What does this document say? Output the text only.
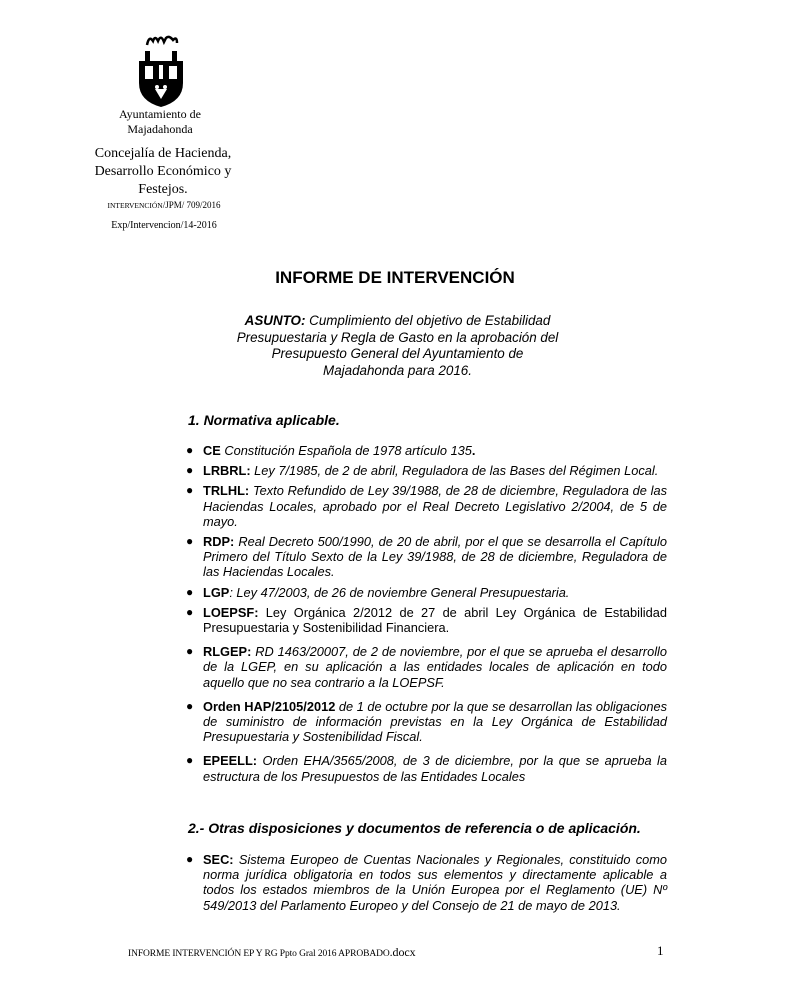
Ayuntamiento de Majadahonda
Concejalía de Hacienda, Desarrollo Económico y Festejos.
INTERVENCIÓN/JPM/ 709/2016
Exp/Intervencion/14-2016
INFORME DE INTERVENCIÓN
ASUNTO: Cumplimiento del objetivo de Estabilidad Presupuestaria y Regla de Gasto en la aprobación del Presupuesto General del Ayuntamiento de Majadahonda para 2016.
1. Normativa aplicable.
● CE Constitución Española de 1978 artículo 135.
● LRBRL: Ley 7/1985, de 2 de abril, Reguladora de las Bases del Régimen Local.
● TRLHL: Texto Refundido de Ley 39/1988, de 28 de diciembre, Reguladora de las Haciendas Locales, aprobado por el Real Decreto Legislativo 2/2004, de 5 de mayo.
● RDP: Real Decreto 500/1990, de 20 de abril, por el que se desarrolla el Capítulo Primero del Título Sexto de la Ley 39/1988, de 28 de diciembre, Reguladora de las Haciendas Locales.
● LGP: Ley 47/2003, de 26 de noviembre General Presupuestaria.
● LOEPSF: Ley Orgánica 2/2012 de 27 de abril Ley Orgánica de Estabilidad Presupuestaria y Sostenibilidad Financiera.
● RLGEP: RD 1463/20007, de 2 de noviembre, por el que se aprueba el desarrollo de la LGEP, en su aplicación a las entidades locales de aplicación en todo aquello que no sea contrario a la LOEPSF.
● Orden HAP/2105/2012 de 1 de octubre por la que se desarrollan las obligaciones de suministro de información previstas en la Ley Orgánica de Estabilidad Presupuestaria y Sostenibilidad Fiscal.
● EPEELL: Orden EHA/3565/2008, de 3 de diciembre, por la que se aprueba la estructura de los Presupuestos de las Entidades Locales
2.- Otras disposiciones y documentos de referencia o de aplicación.
● SEC: Sistema Europeo de Cuentas Nacionales y Regionales, constituido como norma jurídica obligatoria en todos sus elementos y directamente aplicable a todos los estados miembros de la Unión Europea por el Reglamento (UE) Nº 549/2013 del Parlamento Europeo y del Consejo de 21 de mayo de 2013.
INFORME INTERVENCIÓN EP Y RG Ppto Gral 2016 APROBADO.docx	1
